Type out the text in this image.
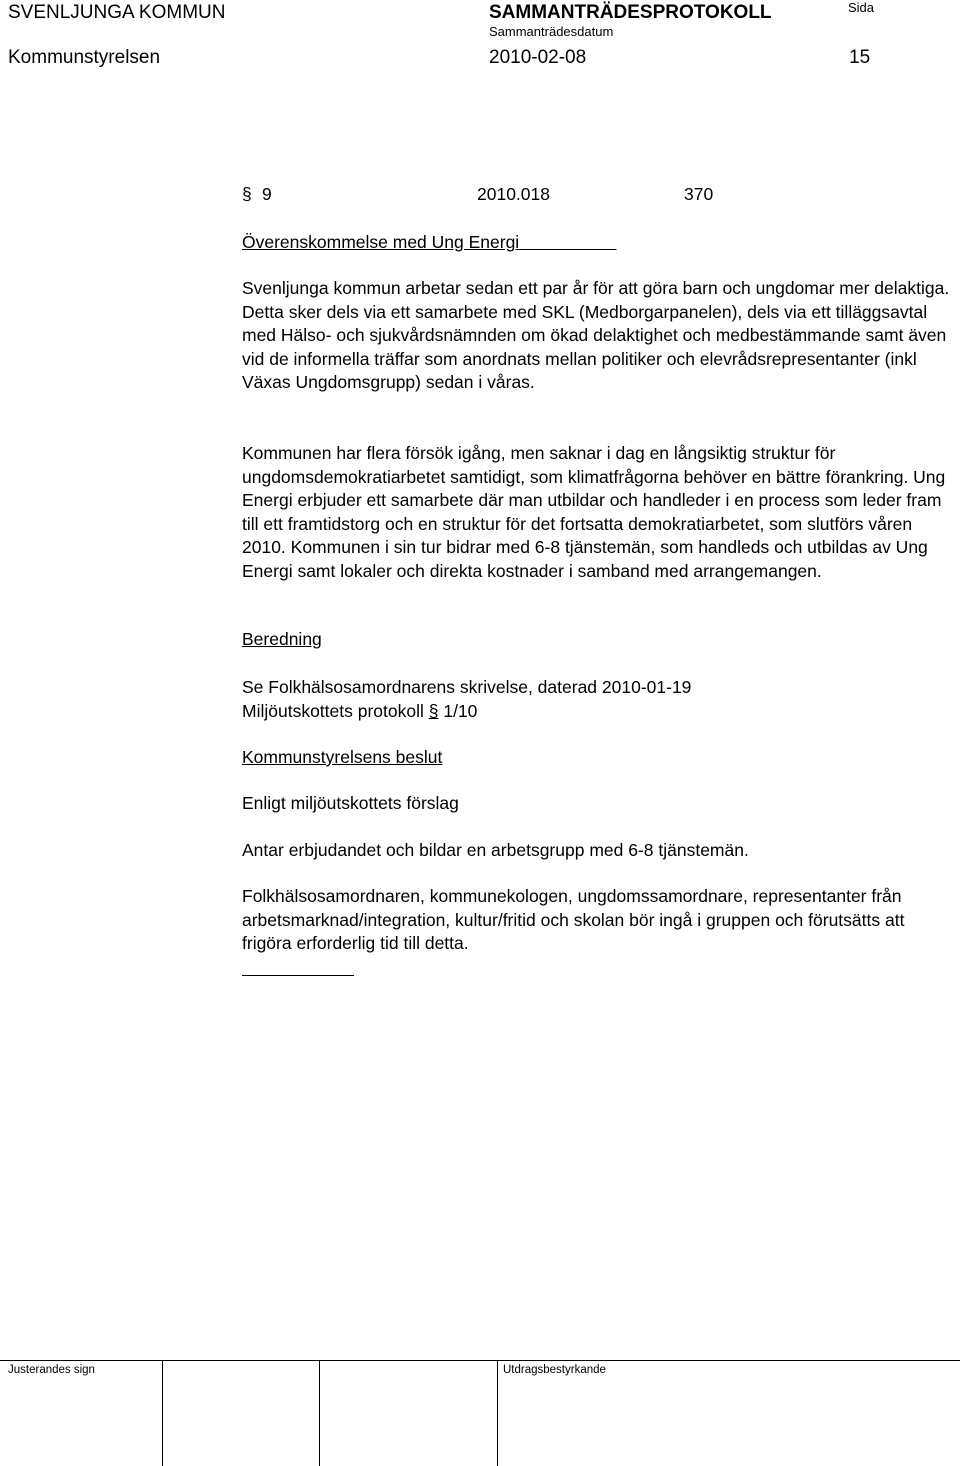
SVENLJUNGA KOMMUN	SAMMANTRÄDESPROTOKOLL	Sida
Sammanträdesdatum
Kommunstyrelsen	2010-02-08	15
§ 9	2010.018	370
Överenskommelse med Ung Energi

Svenljunga kommun arbetar sedan ett par år för att göra barn och ungdomar mer delaktiga. Detta sker dels via ett samarbete med SKL (Medborgarpanelen), dels via ett tilläggsavtal med Hälso- och sjukvårdsnämnden om ökad delaktighet och medbestämmande samt även vid de informella träffar som anordnats mellan politiker och elevrådsrepresentanter (inkl Växas Ungdomsgrupp) sedan i våras.

Kommunen har flera försök igång, men saknar i dag en långsiktig struktur för ungdomsdemokratiarbetet samtidigt, som klimatfrågorna behöver en bättre förankring. Ung Energi erbjuder ett samarbete där man utbildar och handleder i en process som leder fram till ett framtidstorg och en struktur för det fortsatta demokratiarbetet, som slutförs våren 2010. Kommunen i sin tur bidrar med 6-8 tjänstemän, som handleds och utbildas av Ung Energi samt lokaler och direkta kostnader i samband med arrangemangen.

Beredning
Se Folkhälsosamordnarens skrivelse, daterad 2010-01-19
Miljöutskottets protokoll § 1/10
Kommunstyrelsens beslut
Enligt miljöutskottets förslag
Antar erbjudandet och bildar en arbetsgrupp med 6-8 tjänstemän.

Folkhälsosamordnaren, kommunekologen, ungdomssamordnare, representanter från arbetsmarknad/integration, kultur/fritid och skolan bör ingå i gruppen och förutsätts att frigöra erforderlig tid till detta.

Justerandes sign	Utdragsbestyrkande
